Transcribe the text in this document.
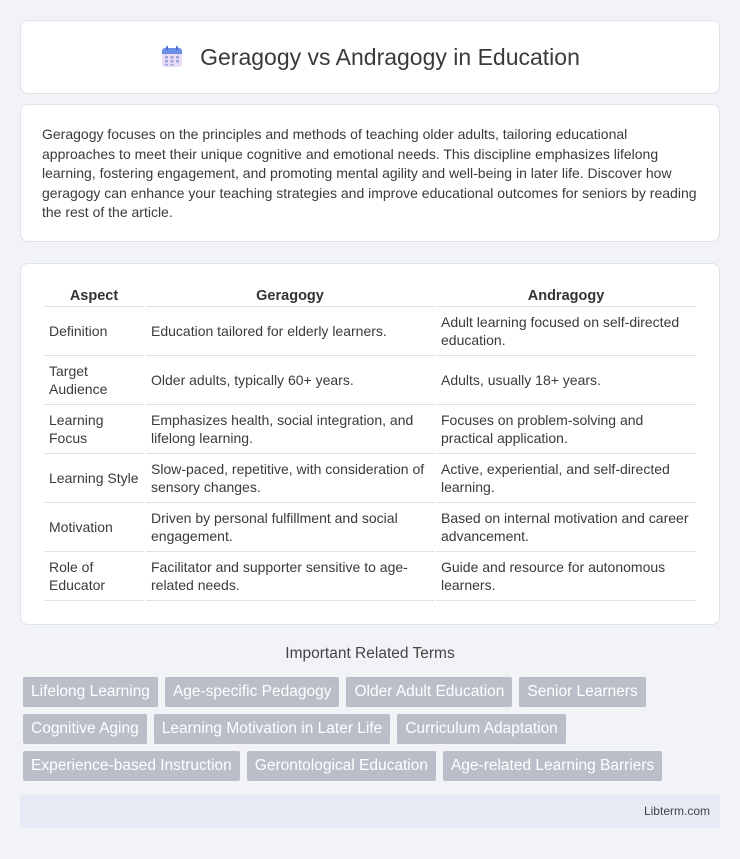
Geragogy vs Andragogy in Education

Geragogy focuses on the principles and methods of teaching older adults, tailoring educational approaches to meet their unique cognitive and emotional needs. This discipline emphasizes lifelong learning, fostering engagement, and promoting mental agility and well-being in later life. Discover how geragogy can enhance your teaching strategies and improve educational outcomes for seniors by reading the rest of the article.

Aspect	Geragogy	Andragogy
Definition	Education tailored for elderly learners.	Adult learning focused on self-directed education.
Target Audience	Older adults, typically 60+ years.	Adults, usually 18+ years.
Learning Focus	Emphasizes health, social integration, and lifelong learning.	Focuses on problem-solving and practical application.
Learning Style	Slow-paced, repetitive, with consideration of sensory changes.	Active, experiential, and self-directed learning.
Motivation	Driven by personal fulfillment and social engagement.	Based on internal motivation and career advancement.
Role of Educator	Facilitator and supporter sensitive to age-related needs.	Guide and resource for autonomous learners.
Important Related Terms
Lifelong Learning	Age-specific Pedagogy	Older Adult Education	Senior Learners
Cognitive Aging	Learning Motivation in Later Life	Curriculum Adaptation
Experience-based Instruction	Gerontological Education	Age-related Learning Barriers
Libterm.com
